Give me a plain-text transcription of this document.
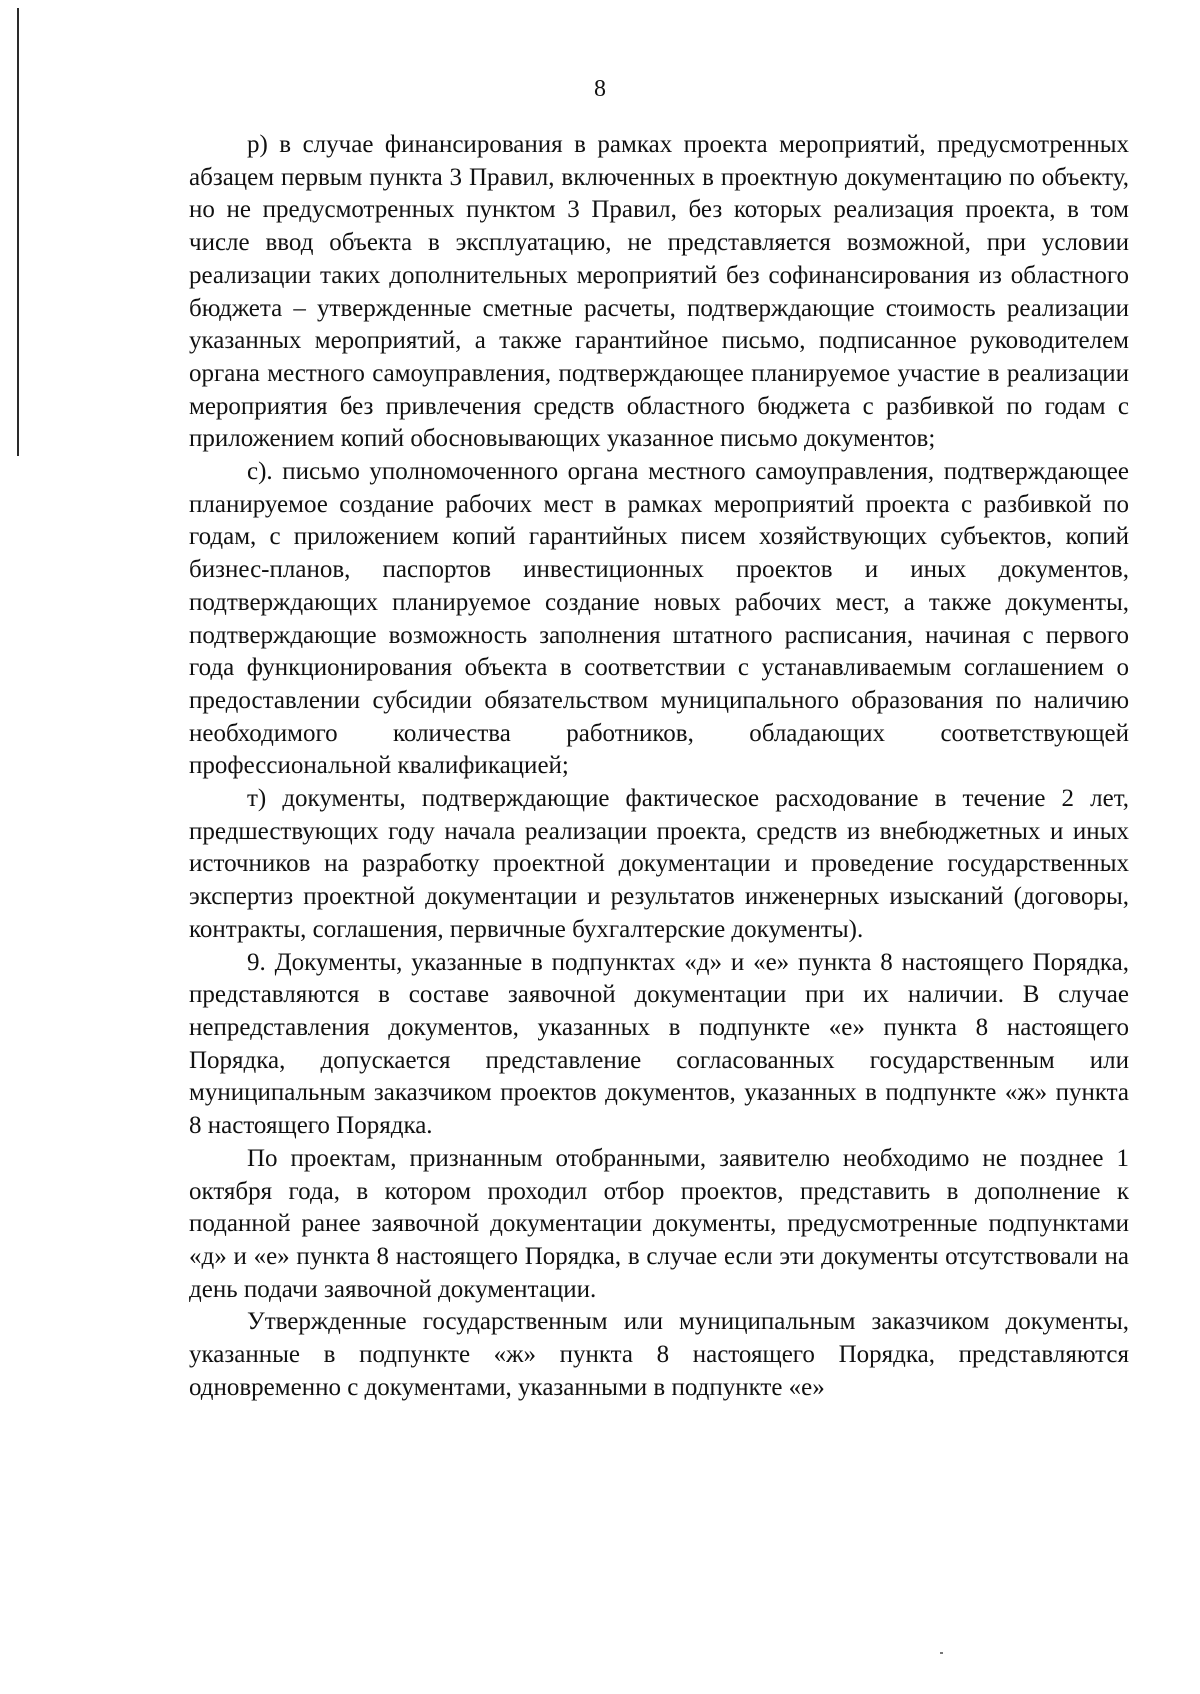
8

р) в случае финансирования в рамках проекта мероприятий, предусмотренных абзацем первым пункта 3 Правил, включенных в проектную документацию по объекту, но не предусмотренных пунктом 3 Правил, без которых реализация проекта, в том числе ввод объекта в эксплуатацию, не представляется возможной, при условии реализации таких дополнительных мероприятий без софинансирования из областного бюджета – утвержденные сметные расчеты, подтверждающие стоимость реализации указанных мероприятий, а также гарантийное письмо, подписанное руководителем органа местного самоуправления, подтверждающее планируемое участие в реализации мероприятия без привлечения средств областного бюджета с разбивкой по годам с приложением копий обосновывающих указанное письмо документов;

с). письмо уполномоченного органа местного самоуправления, подтверждающее планируемое создание рабочих мест в рамках мероприятий проекта с разбивкой по годам, с приложением копий гарантийных писем хозяйствующих субъектов, копий бизнес-планов, паспортов инвестиционных проектов и иных документов, подтверждающих планируемое создание новых рабочих мест, а также документы, подтверждающие возможность заполнения штатного расписания, начиная с первого года функционирования объекта в соответствии с устанавливаемым соглашением о предоставлении субсидии обязательством муниципального образования по наличию необходимого количества работников, обладающих соответствующей профессиональной квалификацией;

т) документы, подтверждающие фактическое расходование в течение 2 лет, предшествующих году начала реализации проекта, средств из внебюджетных и иных источников на разработку проектной документации и проведение государственных экспертиз проектной документации и результатов инженерных изысканий (договоры, контракты, соглашения, первичные бухгалтерские документы).

9. Документы, указанные в подпунктах «д» и «е» пункта 8 настоящего Порядка, представляются в составе заявочной документации при их наличии. В случае непредставления документов, указанных в подпункте «е» пункта 8 настоящего Порядка, допускается представление согласованных государственным или муниципальным заказчиком проектов документов, указанных в подпункте «ж» пункта 8 настоящего Порядка.

По проектам, признанным отобранными, заявителю необходимо не позднее 1 октября года, в котором проходил отбор проектов, представить в дополнение к поданной ранее заявочной документации документы, предусмотренные подпунктами «д» и «е» пункта 8 настоящего Порядка, в случае если эти документы отсутствовали на день подачи заявочной документации.

Утвержденные государственным или муниципальным заказчиком документы, указанные в подпункте «ж» пункта 8 настоящего Порядка, представляются одновременно с документами, указанными в подпункте «е»
